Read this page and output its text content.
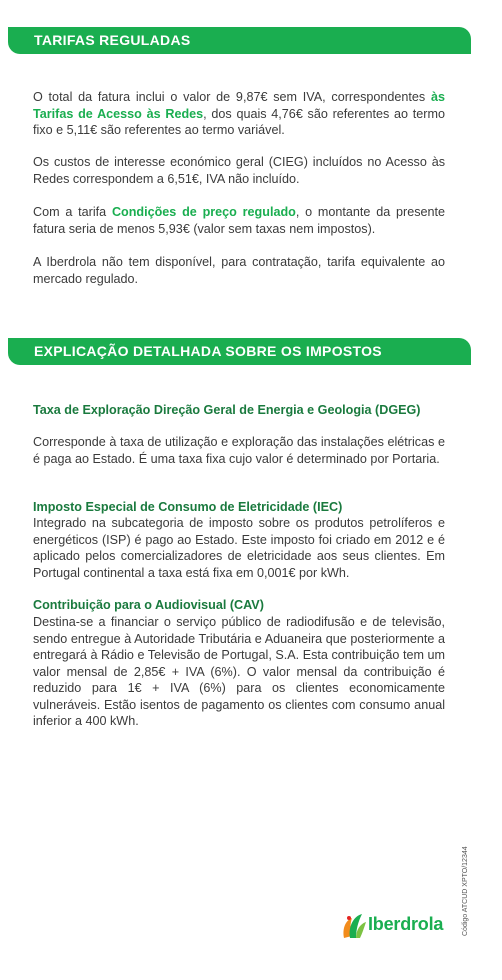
TARIFAS REGULADAS

O total da fatura inclui o valor de 9,87€ sem IVA, correspondentes às Tarifas de Acesso às Redes, dos quais 4,76€ são referentes ao termo fixo e 5,11€ são referentes ao termo variável.

Os custos de interesse económico geral (CIEG) incluídos no Acesso às Redes correspondem a 6,51€, IVA não incluído.

Com a tarifa Condições de preço regulado, o montante da presente fatura seria de menos 5,93€ (valor sem taxas nem impostos).

A Iberdrola não tem disponível, para contratação, tarifa equivalente ao mercado regulado.

EXPLICAÇÃO DETALHADA SOBRE OS IMPOSTOS

Taxa de Exploração Direção Geral de Energia e Geologia (DGEG)

Corresponde à taxa de utilização e exploração das instalações elétricas e é paga ao Estado. É uma taxa fixa cujo valor é determinado por Portaria.

Imposto Especial de Consumo de Eletricidade (IEC)

Integrado na subcategoria de imposto sobre os produtos petrolíferos e energéticos (ISP) é pago ao Estado. Este imposto foi criado em 2012 e é aplicado pelos comercializadores de eletricidade aos seus clientes. Em Portugal continental a taxa está fixa em 0,001€ por kWh.

Contribuição para o Audiovisual (CAV)

Destina-se a financiar o serviço público de radiodifusão e de televisão, sendo entregue à Autoridade Tributária e Aduaneira que posteriormente a entregará à Rádio e Televisão de Portugal, S.A. Esta contribuição tem um valor mensal de 2,85€ + IVA (6%). O valor mensal da contribuição é reduzido para 1€ + IVA (6%) para os clientes economicamente vulneráveis. Estão isentos de pagamento os clientes com consumo anual inferior a 400 kWh.

Código ATCUD XPTO/12344
Iberdrola
